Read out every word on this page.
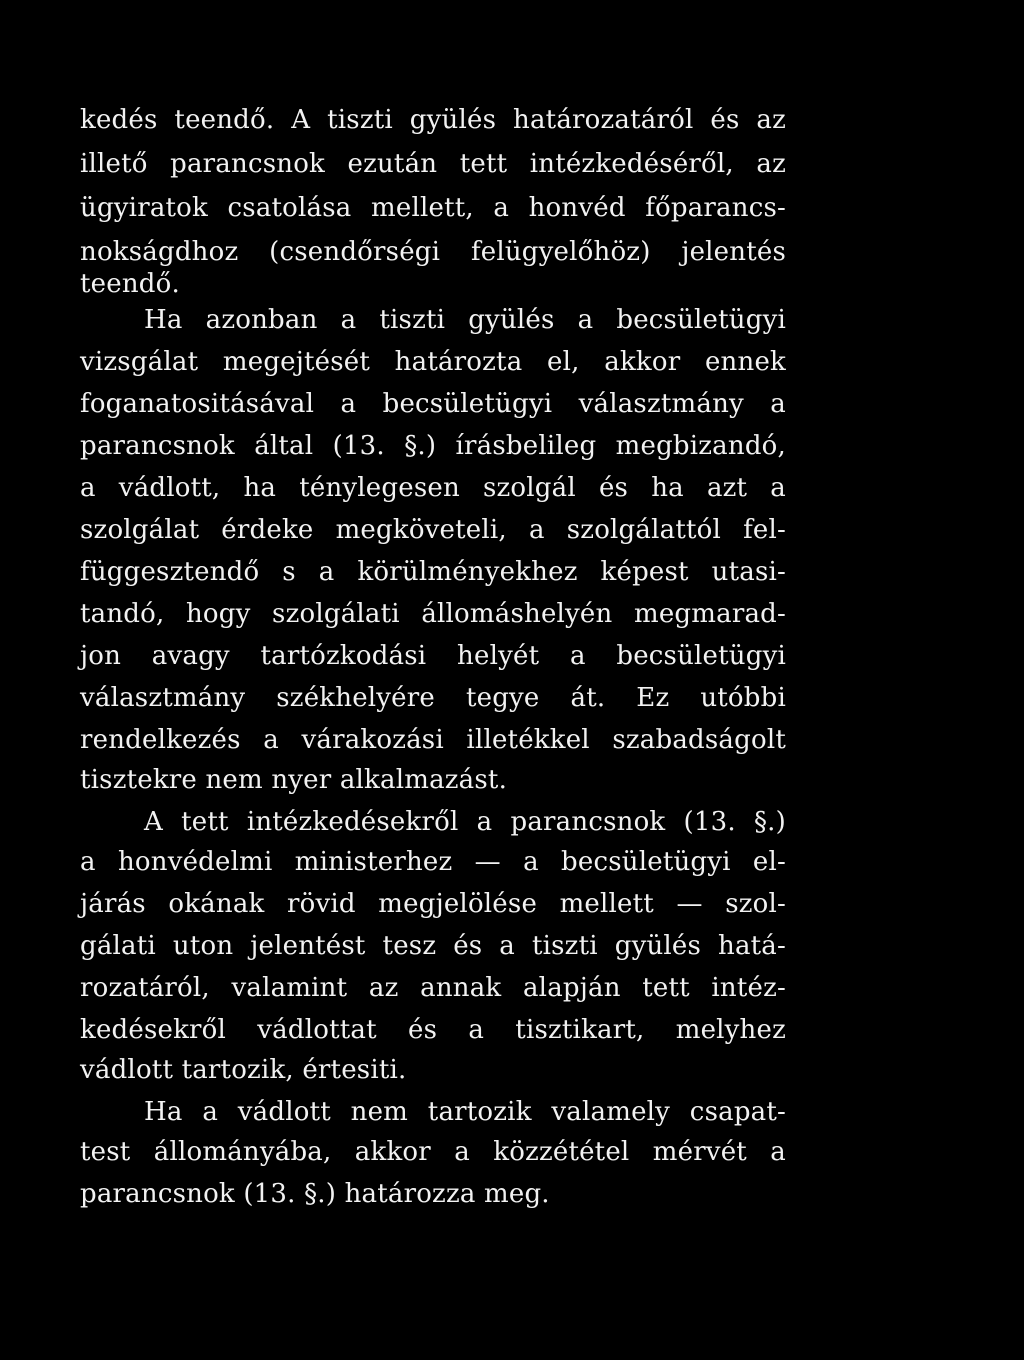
kedés teendő. A tiszti gyülés határozatáról és az
illető parancsnok ezután tett intézkedéséről, az
ügyiratok csatolása mellett, a honvéd főparancs-
nokságdhoz (csendőrségi felügyelőhöz) jelentés
teendő.
Ha azonban a tiszti gyülés a becsületügyi
vizsgálat megejtését határozta el, akkor ennek
foganatositásával a becsületügyi választmány a
parancsnok által (13. §.) írásbelileg megbizandó,
a vádlott, ha ténylegesen szolgál és ha azt a
szolgálat érdeke megköveteli, a szolgálattól fel-
függesztendő s a körülményekhez képest utasi-
tandó, hogy szolgálati állomáshelyén megmarad-
jon avagy tartózkodási helyét a becsületügyi
választmány székhelyére tegye át. Ez utóbbi
rendelkezés a várakozási illetékkel szabadságolt
tisztekre nem nyer alkalmazást.
A tett intézkedésekről a parancsnok (13. §.)
a honvédelmi ministerhez — a becsületügyi el-
járás okának rövid megjelölése mellett — szol-
gálati uton jelentést tesz és a tiszti gyülés hatá-
rozatáról, valamint az annak alapján tett intéz-
kedésekről vádlottat és a tisztikart, melyhez
vádlott tartozik, értesiti.
Ha a vádlott nem tartozik valamely csapat-
test állományába, akkor a közzététel mérvét a
parancsnok (13. §.) határozza meg.
